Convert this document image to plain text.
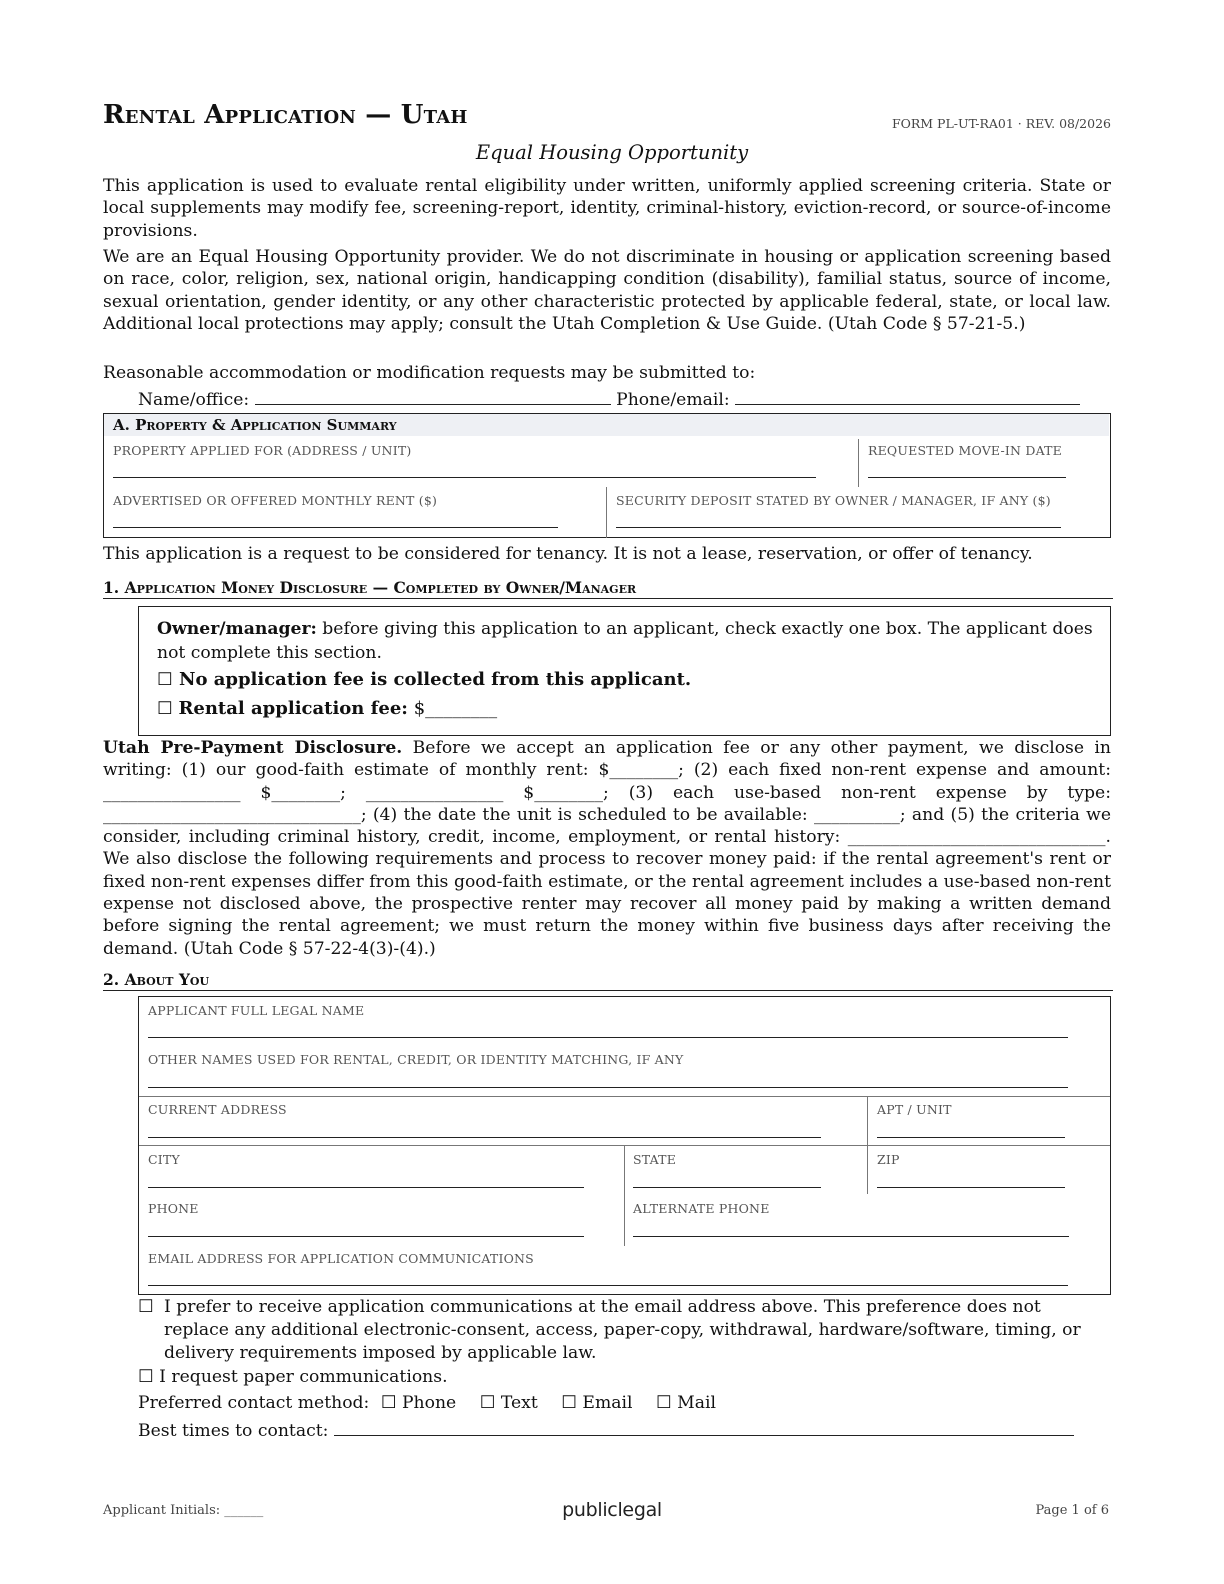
Rental Application — Utah	FORM PL-UT-RA01 · REV. 08/2026
Equal Housing Opportunity
This application is used to evaluate rental eligibility under written, uniformly applied screening criteria. State or local supplements may modify fee, screening-report, identity, criminal-history, eviction-record, or source-of-income provisions.
We are an Equal Housing Opportunity provider. We do not discriminate in housing or application screening based on race, color, religion, sex, national origin, handicapping condition (disability), familial status, source of income, sexual orientation, gender identity, or any other characteristic protected by applicable federal, state, or local law. Additional local protections may apply; consult the Utah Completion & Use Guide. (Utah Code § 57-21-5.)
Reasonable accommodation or modification requests may be submitted to:
Name/office:	Phone/email:
A. Property & Application Summary
PROPERTY APPLIED FOR (ADDRESS / UNIT)	REQUESTED MOVE-IN DATE
ADVERTISED OR OFFERED MONTHLY RENT ($)	SECURITY DEPOSIT STATED BY OWNER / MANAGER, IF ANY ($)
This application is a request to be considered for tenancy. It is not a lease, reservation, or offer of tenancy.
1. Application Money Disclosure — Completed by Owner/Manager
Owner/manager: before giving this application to an applicant, check exactly one box. The applicant does not complete this section.
☐ No application fee is collected from this applicant.
☐ Rental application fee: $________
Utah Pre-Payment Disclosure. Before we accept an application fee or any other payment, we disclose in writing: (1) our good-faith estimate of monthly rent: $________; (2) each fixed non-rent expense and amount: ________________ $________; ________________ $________; (3) each use-based non-rent expense by type: ______________________________; (4) the date the unit is scheduled to be available: __________; and (5) the criteria we consider, including criminal history, credit, income, employment, or rental history: ______________________________. We also disclose the following requirements and process to recover money paid: if the rental agreement's rent or fixed non-rent expenses differ from this good-faith estimate, or the rental agreement includes a use-based non-rent expense not disclosed above, the prospective renter may recover all money paid by making a written demand before signing the rental agreement; we must return the money within five business days after receiving the demand. (Utah Code § 57-22-4(3)-(4).)
2. About You
APPLICANT FULL LEGAL NAME
OTHER NAMES USED FOR RENTAL, CREDIT, OR IDENTITY MATCHING, IF ANY
CURRENT ADDRESS	APT / UNIT
CITY	STATE	ZIP
PHONE	ALTERNATE PHONE
EMAIL ADDRESS FOR APPLICATION COMMUNICATIONS
☐ I prefer to receive application communications at the email address above. This preference does not replace any additional electronic-consent, access, paper-copy, withdrawal, hardware/software, timing, or delivery requirements imposed by applicable law.
☐ I request paper communications.
Preferred contact method: ☐ Phone ☐ Text ☐ Email ☐ Mail
Best times to contact:
Applicant Initials: ______	publiclegal	Page 1 of 6
